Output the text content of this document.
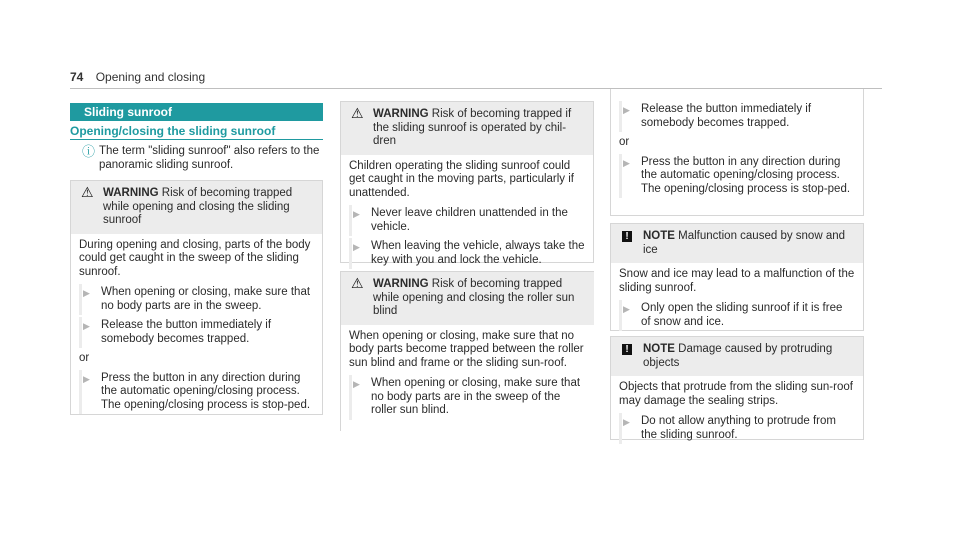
74 Opening and closing
Sliding sunroof
Opening/closing the sliding sunroof
ⓘ The term "sliding sunroof" also refers to the panoramic sliding sunroof.
⚠ WARNING Risk of becoming trapped while opening and closing the sliding sunroof

During opening and closing, parts of the body could get caught in the sweep of the sliding sunroof.

▶ When opening or closing, make sure that no body parts are in the sweep.
▶ Release the button immediately if somebody becomes trapped.
or
▶ Press the button in any direction during the automatic opening/closing process. The opening/closing process is stop-ped.
⚠ WARNING Risk of becoming trapped if the sliding sunroof is operated by chil-dren

Children operating the sliding sunroof could get caught in the moving parts, particularly if unattended.

▶ Never leave children unattended in the vehicle.
▶ When leaving the vehicle, always take the key with you and lock the vehicle.
⚠ WARNING Risk of becoming trapped while opening and closing the roller sun blind

When opening or closing, make sure that no body parts become trapped between the roller sun blind and frame or the sliding sun-roof.

▶ When opening or closing, make sure that no body parts are in the sweep of the roller sun blind.
▶ Release the button immediately if somebody becomes trapped.
or
▶ Press the button in any direction during the automatic opening/closing process. The opening/closing process is stop-ped.
! NOTE Malfunction caused by snow and ice

Snow and ice may lead to a malfunction of the sliding sunroof.

▶ Only open the sliding sunroof if it is free of snow and ice.
! NOTE Damage caused by protruding objects

Objects that protrude from the sliding sun-roof may damage the sealing strips.

▶ Do not allow anything to protrude from the sliding sunroof.
